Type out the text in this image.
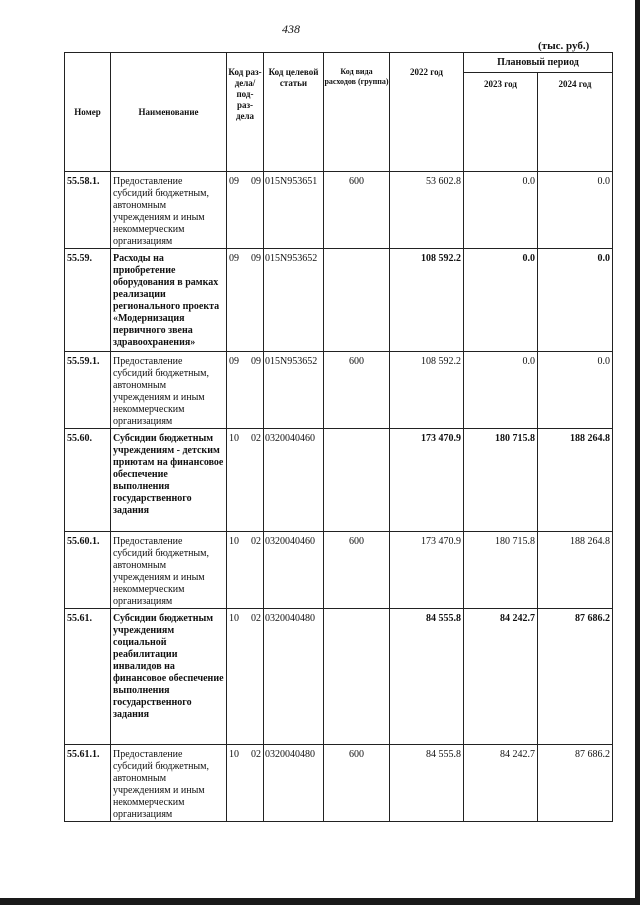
438
(тыс. руб.)
Номер	Наименование	Код раз-
дела/
под-
раз-
дела		Код целевой статьи	Код вида расходов (группа)	2022 год	Плановый период	
							2023 год	2024 год
55.58.1.	Предоставление субсидий бюджетным, автономным учреждениям и иным некоммерческим организациям	09	09	015N953651	600	53 602.8	0.0	0.0
55.59.	Расходы на приобретение оборудования в рамках реализации регионального проекта «Модернизация первичного звена здравоохранения»	09	09	015N953652		108 592.2	0.0	0.0
55.59.1.	Предоставление субсидий бюджетным, автономным учреждениям и иным некоммерческим организациям	09	09	015N953652	600	108 592.2	0.0	0.0
55.60.	Субсидии бюджетным учреждениям - детским приютам на финансовое обеспечение выполнения государственного задания	10	02	0320040460		173 470.9	180 715.8	188 264.8
55.60.1.	Предоставление субсидий бюджетным, автономным учреждениям и иным некоммерческим организациям	10	02	0320040460	600	173 470.9	180 715.8	188 264.8
55.61.	Субсидии бюджетным учреждениям социальной реабилитации инвалидов на финансовое обеспечение выполнения государственного задания	10	02	0320040480		84 555.8	84 242.7	87 686.2
55.61.1.	Предоставление субсидий бюджетным, автономным учреждениям и иным некоммерческим организациям	10	02	0320040480	600	84 555.8	84 242.7	87 686.2
